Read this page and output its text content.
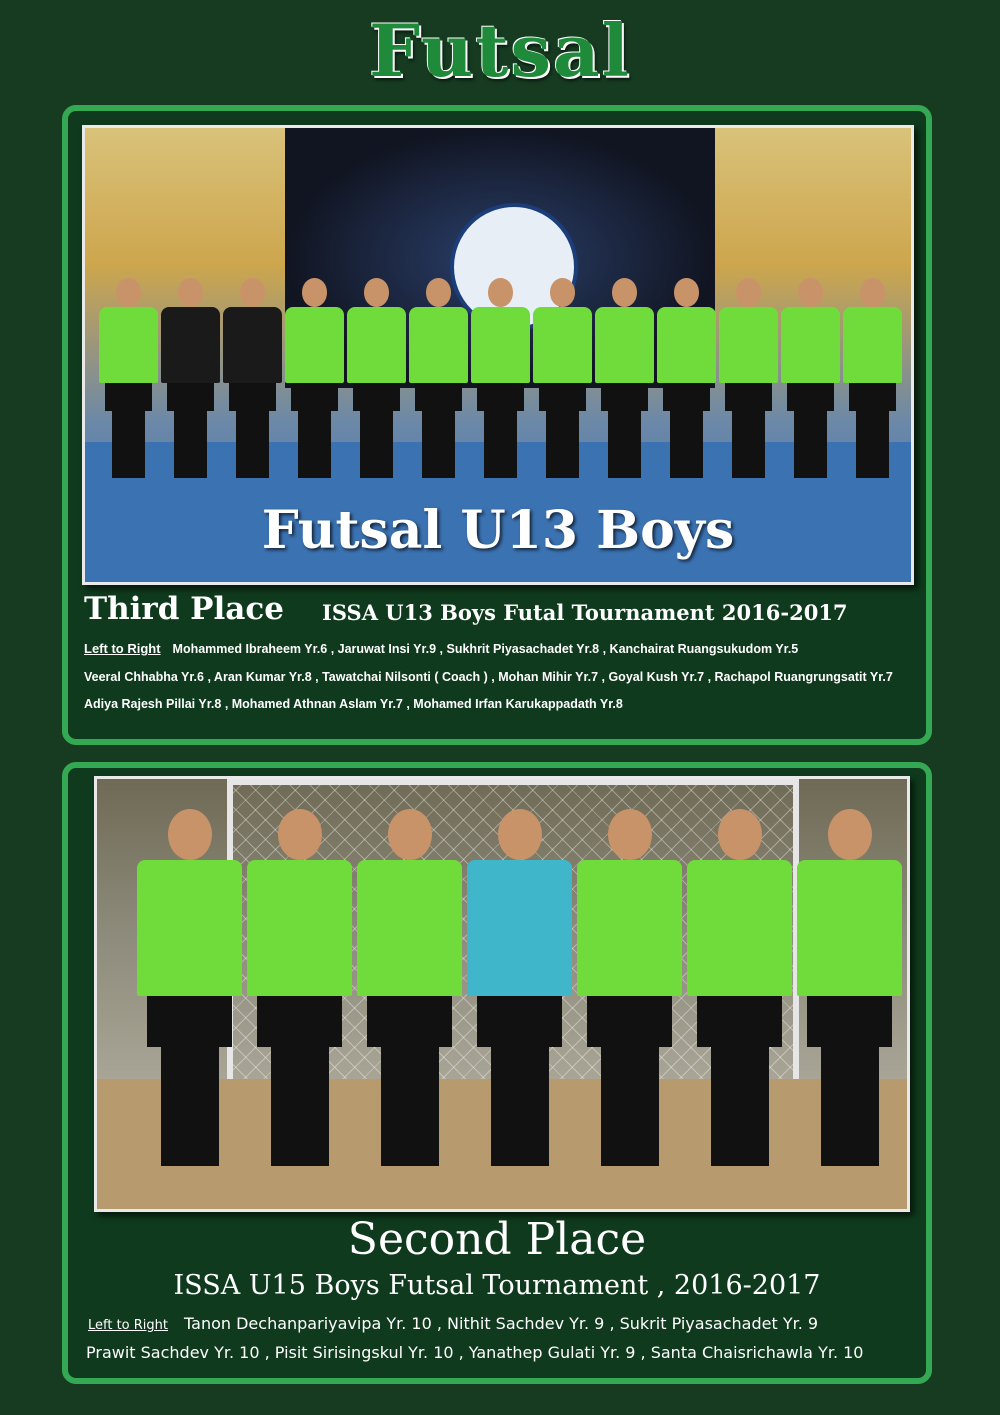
Futsal
Futsal U13 Boys
Third Place ISSA U13 Boys Futal Tournament 2016-2017
Left to Right Mohammed Ibraheem Yr.6 , Jaruwat Insi Yr.9 , Sukhrit Piyasachadet Yr.8 , Kanchairat Ruangsukudom Yr.5
Veeral Chhabha Yr.6 , Aran Kumar Yr.8 , Tawatchai Nilsonti ( Coach ) , Mohan Mihir Yr.7 , Goyal Kush Yr.7 , Rachapol Ruangrungsatit Yr.7
Adiya Rajesh Pillai Yr.8 , Mohamed Athnan Aslam Yr.7 , Mohamed Irfan Karukappadath Yr.8
Second Place
ISSA U15 Boys Futsal Tournament , 2016-2017
Left to Right Tanon Dechanpariyavipa Yr. 10 , Nithit Sachdev Yr. 9 , Sukrit Piyasachadet Yr. 9
Prawit Sachdev Yr. 10 , Pisit Sirisingskul Yr. 10 , Yanathep Gulati Yr. 9 , Santa Chaisrichawla Yr. 10
